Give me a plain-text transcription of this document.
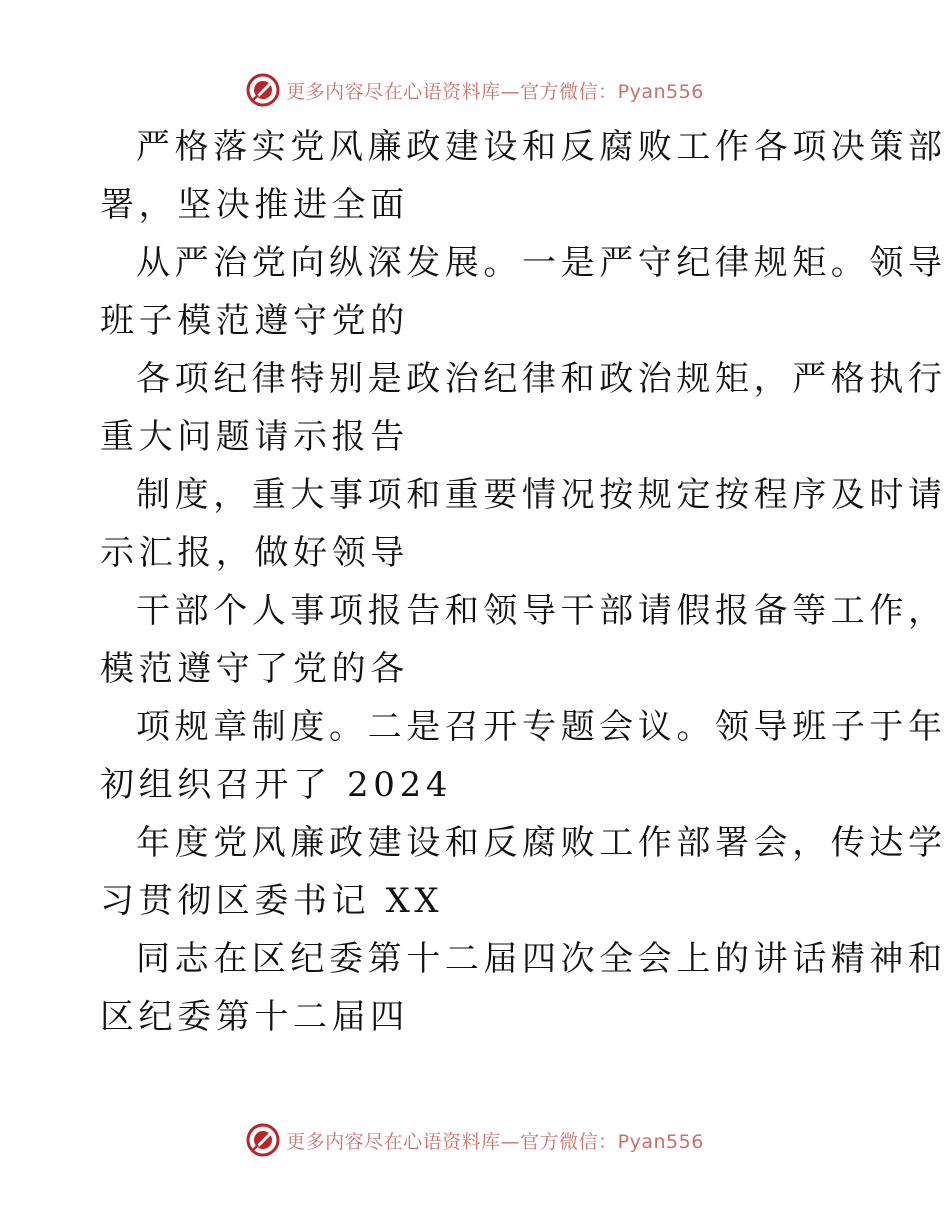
更多内容尽在心语资料库—官方微信：Pyan556

严格落实党风廉政建设和反腐败工作各项决策部
署，坚决推进全面

从严治党向纵深发展。一是严守纪律规矩。领导
班子模范遵守党的

各项纪律特别是政治纪律和政治规矩，严格执行
重大问题请示报告

制度，重大事项和重要情况按规定按程序及时请
示汇报，做好领导

干部个人事项报告和领导干部请假报备等工作，
模范遵守了党的各

项规章制度。二是召开专题会议。领导班子于年
初组织召开了 2024

年度党风廉政建设和反腐败工作部署会，传达学
习贯彻区委书记 XX

同志在区纪委第十二届四次全会上的讲话精神和
区纪委第十二届四

更多内容尽在心语资料库—官方微信：Pyan556
